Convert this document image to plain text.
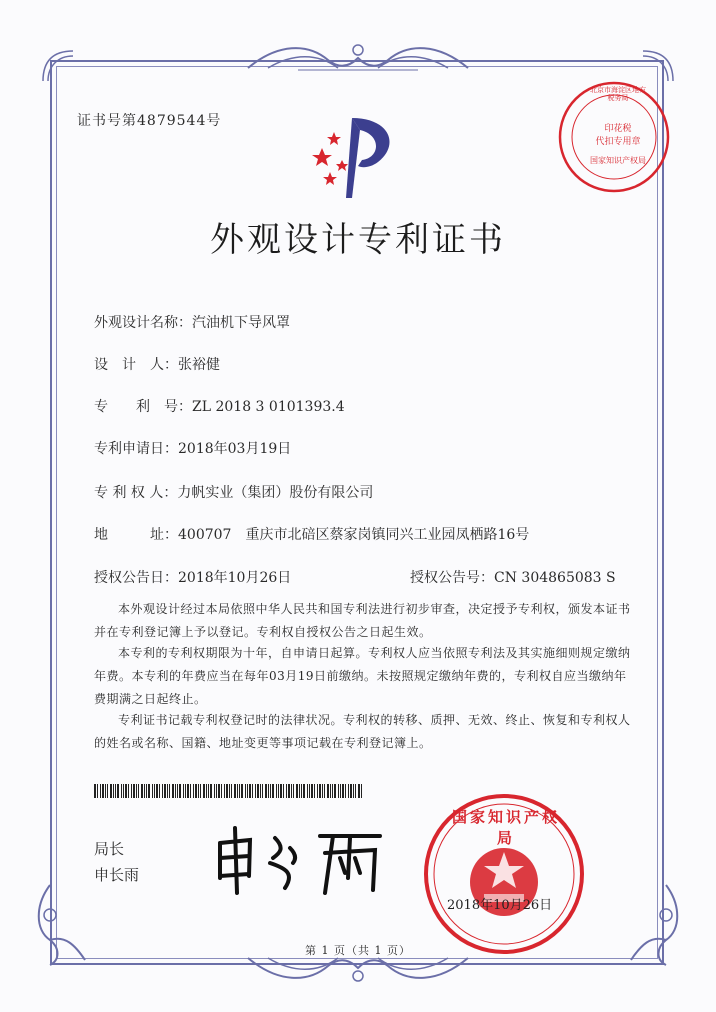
证书号第4879544号
北京市海淀区地方税务局
印花税
代扣专用章
国家知识产权局
外观设计专利证书
外观设计名称：汽油机下导风罩
设　计　人：张裕健
专　　利　号：ZL 2018 3 0101393.4
专利申请日：2018年03月19日
专 利 权 人：力帆实业（集团）股份有限公司
地　　　址：400707　重庆市北碚区蔡家岗镇同兴工业园凤栖路16号
授权公告日：2018年10月26日	授权公告号：CN 304865083 S
本外观设计经过本局依照中华人民共和国专利法进行初步审查，决定授予专利权，颁发本证书并在专利登记簿上予以登记。专利权自授权公告之日起生效。
本专利的专利权期限为十年，自申请日起算。专利权人应当依照专利法及其实施细则规定缴纳年费。本专利的年费应当在每年03月19日前缴纳。未按照规定缴纳年费的，专利权自应当缴纳年费期满之日起终止。
专利证书记载专利权登记时的法律状况。专利权的转移、质押、无效、终止、恢复和专利权人的姓名或名称、国籍、地址变更等事项记载在专利登记簿上。
局长
申长雨
国家知识产权局
2018年10月26日
第 1 页（共 1 页）
